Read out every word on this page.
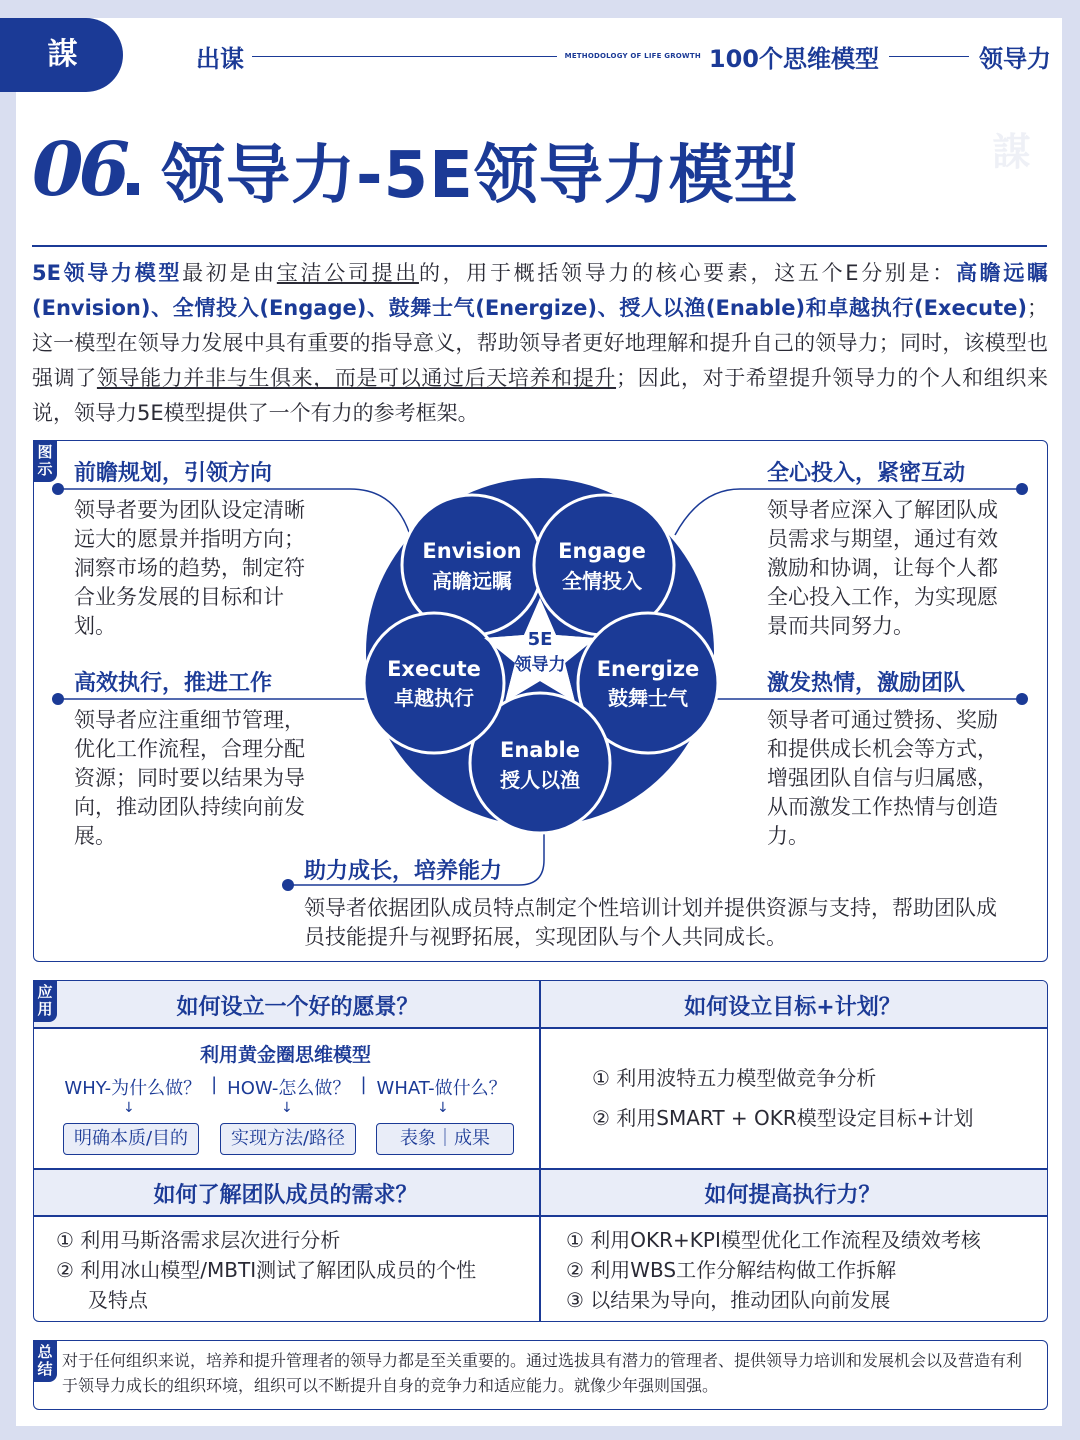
謀	出谋	METHODOLOGY OF LIFE GROWTH 100个思维模型	领导力
06 领导力-5E领导力模型	謀
5E领导力模型最初是由宝洁公司提出的，用于概括领导力的核心要素，这五个E分别是：高瞻远瞩(Envision)、全情投入(Engage)、鼓舞士气(Energize)、授人以渔(Enable)和卓越执行(Execute)；这一模型在领导力发展中具有重要的指导意义，帮助领导者更好地理解和提升自己的领导力；同时，该模型也强调了领导能力并非与生俱来，而是可以通过后天培养和提升；因此，对于希望提升领导力的个人和组织来说，领导力5E模型提供了一个有力的参考框架。
图示
Envision
高瞻远瞩
Engage
全情投入
Energize
鼓舞士气
Enable
授人以渔
Execute
卓越执行
5E
领导力
前瞻规划，引领方向
领导者要为团队设定清晰远大的愿景并指明方向；洞察市场的趋势，制定符合业务发展的目标和计划。
全心投入，紧密互动
领导者应深入了解团队成员需求与期望，通过有效激励和协调，让每个人都全心投入工作，为实现愿景而共同努力。
高效执行，推进工作
领导者应注重细节管理，优化工作流程，合理分配资源；同时要以结果为导向，推动团队持续向前发展。
激发热情，激励团队
领导者可通过赞扬、奖励和提供成长机会等方式，增强团队自信与归属感，从而激发工作热情与创造力。
助力成长，培养能力
领导者依据团队成员特点制定个性培训计划并提供资源与支持，帮助团队成员技能提升与视野拓展，实现团队与个人共同成长。
应用	如何设立一个好的愿景？	如何设立目标+计划？
利用黄金圈思维模型
WHY-为什么做？ | HOW-怎么做？ | WHAT-做什么？
↓	↓	↓
明确本质/目的	实现方法/路径	表象｜成果
① 利用波特五力模型做竞争分析
② 利用SMART + OKR模型设定目标+计划
如何了解团队成员的需求？	如何提高执行力？
① 利用马斯洛需求层次进行分析
② 利用冰山模型/MBTI测试了解团队成员的个性
及特点
① 利用OKR+KPI模型优化工作流程及绩效考核
② 利用WBS工作分解结构做工作拆解
③ 以结果为导向，推动团队向前发展
总结 对于任何组织来说，培养和提升管理者的领导力都是至关重要的。通过选拔具有潜力的管理者、提供领导力培训和发展机会以及营造有利于领导力成长的组织环境，组织可以不断提升自身的竞争力和适应能力。就像少年强则国强。
